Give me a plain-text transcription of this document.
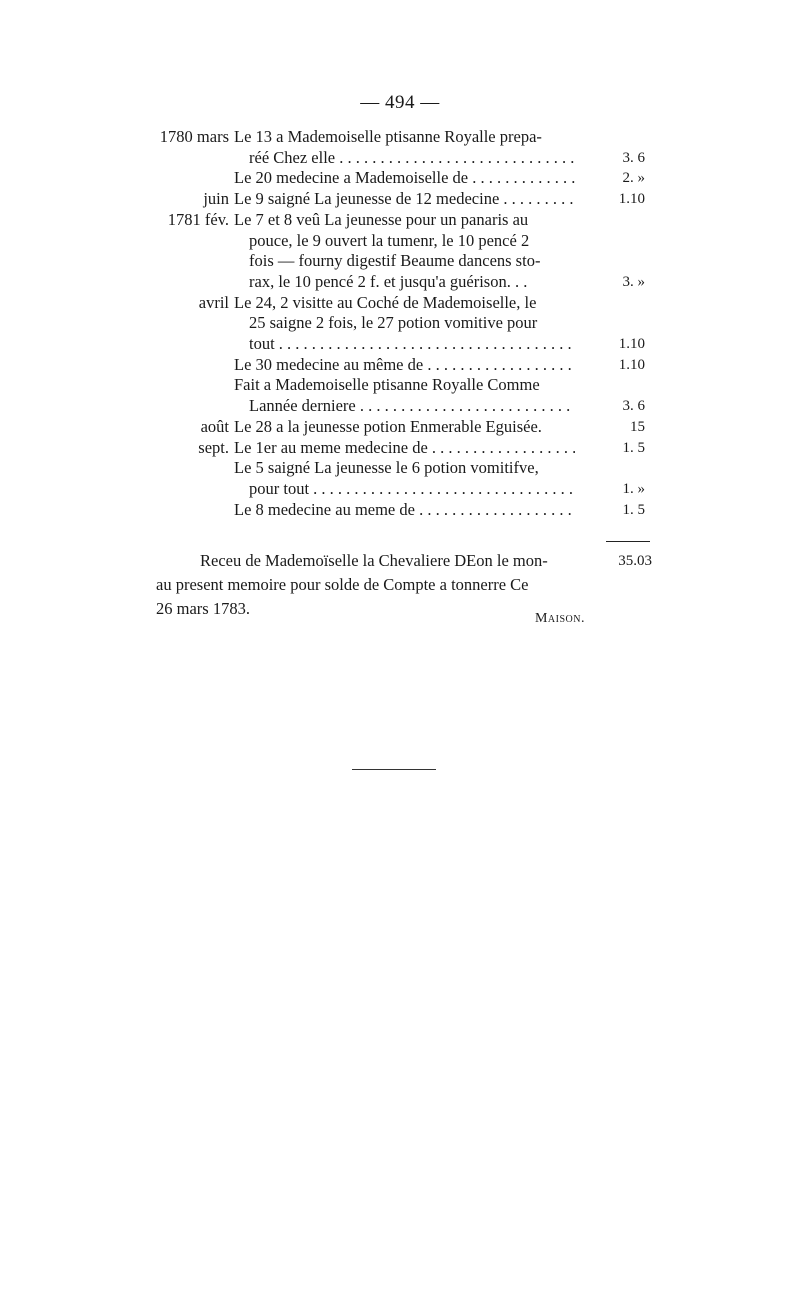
— 494 —
1780 mars Le 13 a Mademoiselle ptisanne Royalle prepa-
réé Chez elle . . .	3. 6
Le 20 medecine a Mademoiselle de . . .	2. »
juin Le 9 saigné La jeunesse de 12 medecine . . .	1.10
1781 fév. Le 7 et 8 veû La jeunesse pour un panaris au
pouce, le 9 ouvert la tumenr, le 10 pencé 2
fois — fourny digestif Beaume dancens sto-
rax, le 10 pencé 2 f. et jusqu'a guérison. . .	3. »
avril Le 24, 2 visitte au Coché de Mademoiselle, le
25 saigne 2 fois, le 27 potion vomitive pour
tout . . .	1.10
Le 30 medecine au même de . . .	1.10
Fait a Mademoiselle ptisanne Royalle Comme
Lannée derniere . . .	3. 6
août Le 28 a la jeunesse potion Enmerable Eguisée.	15
sept. Le 1er au meme medecine de . . .	1. 5
Le 5 saigné La jeunesse le 6 potion vomitifve,
pour tout . . .	1. »
Le 8 medecine au meme de . . .	1. 5
Receu de Mademoïselle la Chevaliere DEon le mon-
au present memoire pour solde de Compte a tonnerre Ce
26 mars 1783.
35.03
Maison.
